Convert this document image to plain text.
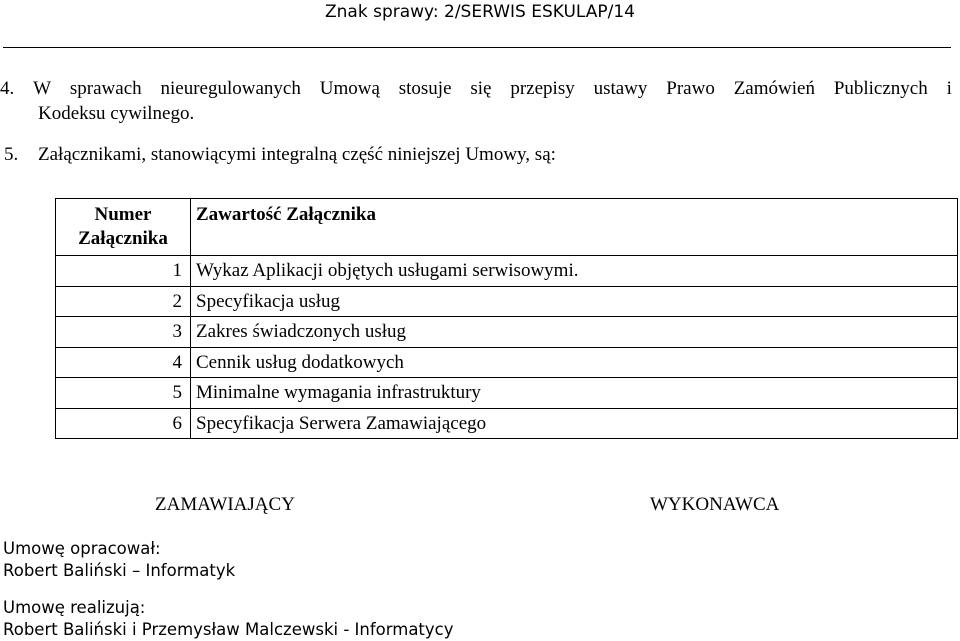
Znak sprawy: 2/SERWIS ESKULAP/14
4. W sprawach nieuregulowanych Umową stosuje się przepisy ustawy Prawo Zamówień Publicznych i
Kodeksu cywilnego.
5. Załącznikami, stanowiącymi integralną część niniejszej Umowy, są:
Numer Załącznika	Zawartość Załącznika
1	Wykaz Aplikacji objętych usługami serwisowymi.
2	Specyfikacja usług
3	Zakres świadczonych usług
4	Cennik usług dodatkowych
5	Minimalne wymagania infrastruktury
6	Specyfikacja Serwera Zamawiającego
ZAMAWIAJĄCY	WYKONAWCA
Umowę opracował:
Robert Baliński – Informatyk
Umowę realizują:
Robert Baliński i Przemysław Malczewski - Informatycy
